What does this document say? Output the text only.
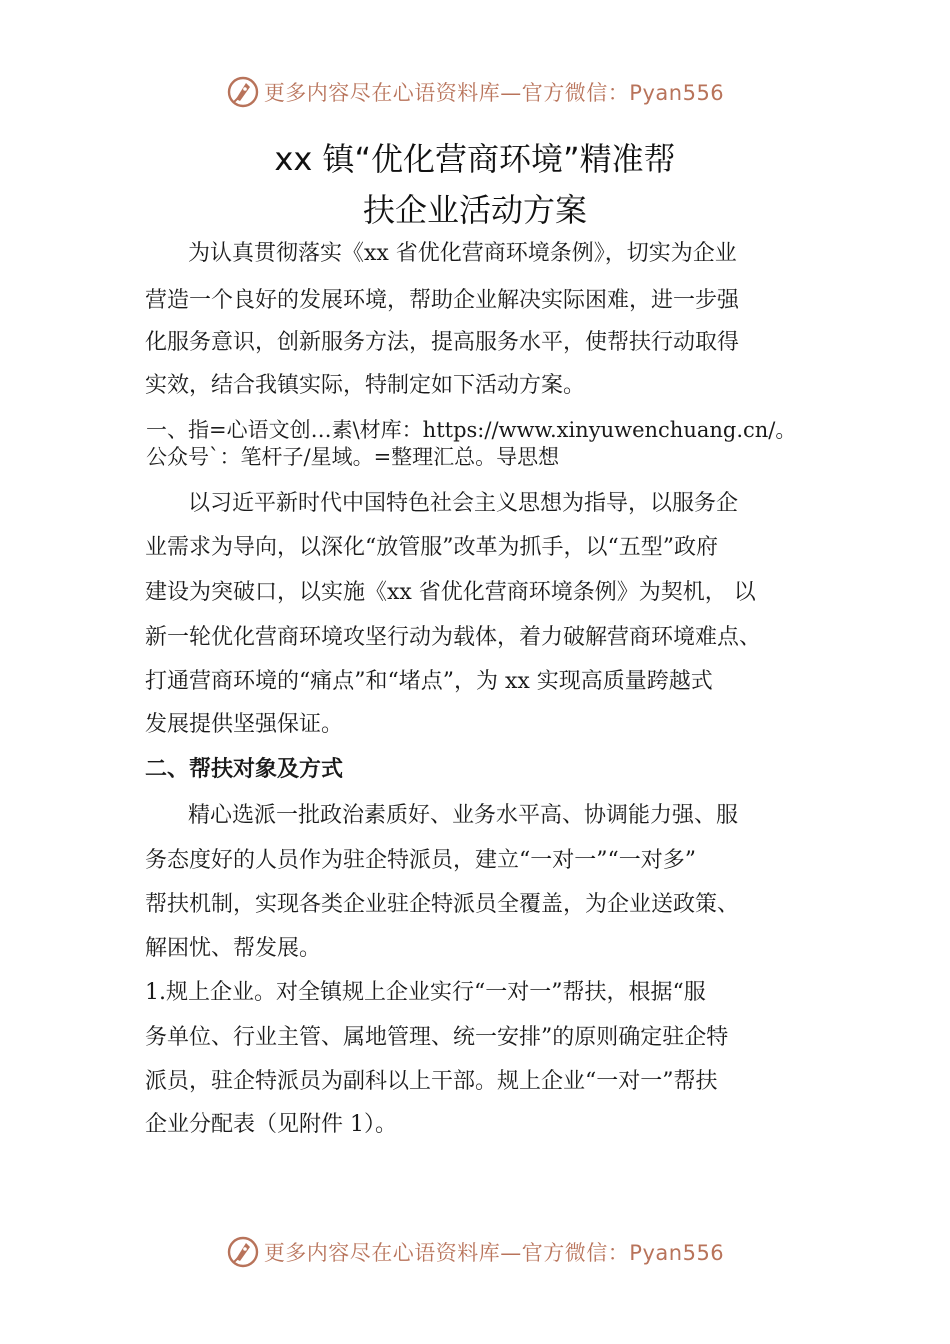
更多内容尽在心语资料库—官方微信：Pyan556
xx 镇“优化营商环境”精准帮
扶企业活动方案
为认真贯彻落实《xx 省优化营商环境条例》，切实为企业
营造一个良好的发展环境，帮助企业解决实际困难，进一步强
化服务意识，创新服务方法，提高服务水平，使帮扶行动取得
实效，结合我镇实际，特制定如下活动方案。
一、指=心语文创…素\材库：https://www.xinyuwenchuang.cn/。
公众号`：笔杆子/星域。=整理汇总。导思想
以习近平新时代中国特色社会主义思想为指导，以服务企
业需求为导向，以深化“放管服”改革为抓手，以“五型”政府
建设为突破口，以实施《xx 省优化营商环境条例》为契机， 以
新一轮优化营商环境攻坚行动为载体，着力破解营商环境难点、
打通营商环境的“痛点”和“堵点”，为 xx 实现高质量跨越式
发展提供坚强保证。
二、帮扶对象及方式
精心选派一批政治素质好、业务水平高、协调能力强、服
务态度好的人员作为驻企特派员，建立“一对一”“一对多”
帮扶机制，实现各类企业驻企特派员全覆盖，为企业送政策、
解困忧、帮发展。
1.规上企业。对全镇规上企业实行“一对一”帮扶，根据“服
务单位、行业主管、属地管理、统一安排”的原则确定驻企特
派员，驻企特派员为副科以上干部。规上企业“一对一”帮扶
企业分配表（见附件 1）。
更多内容尽在心语资料库—官方微信：Pyan556
